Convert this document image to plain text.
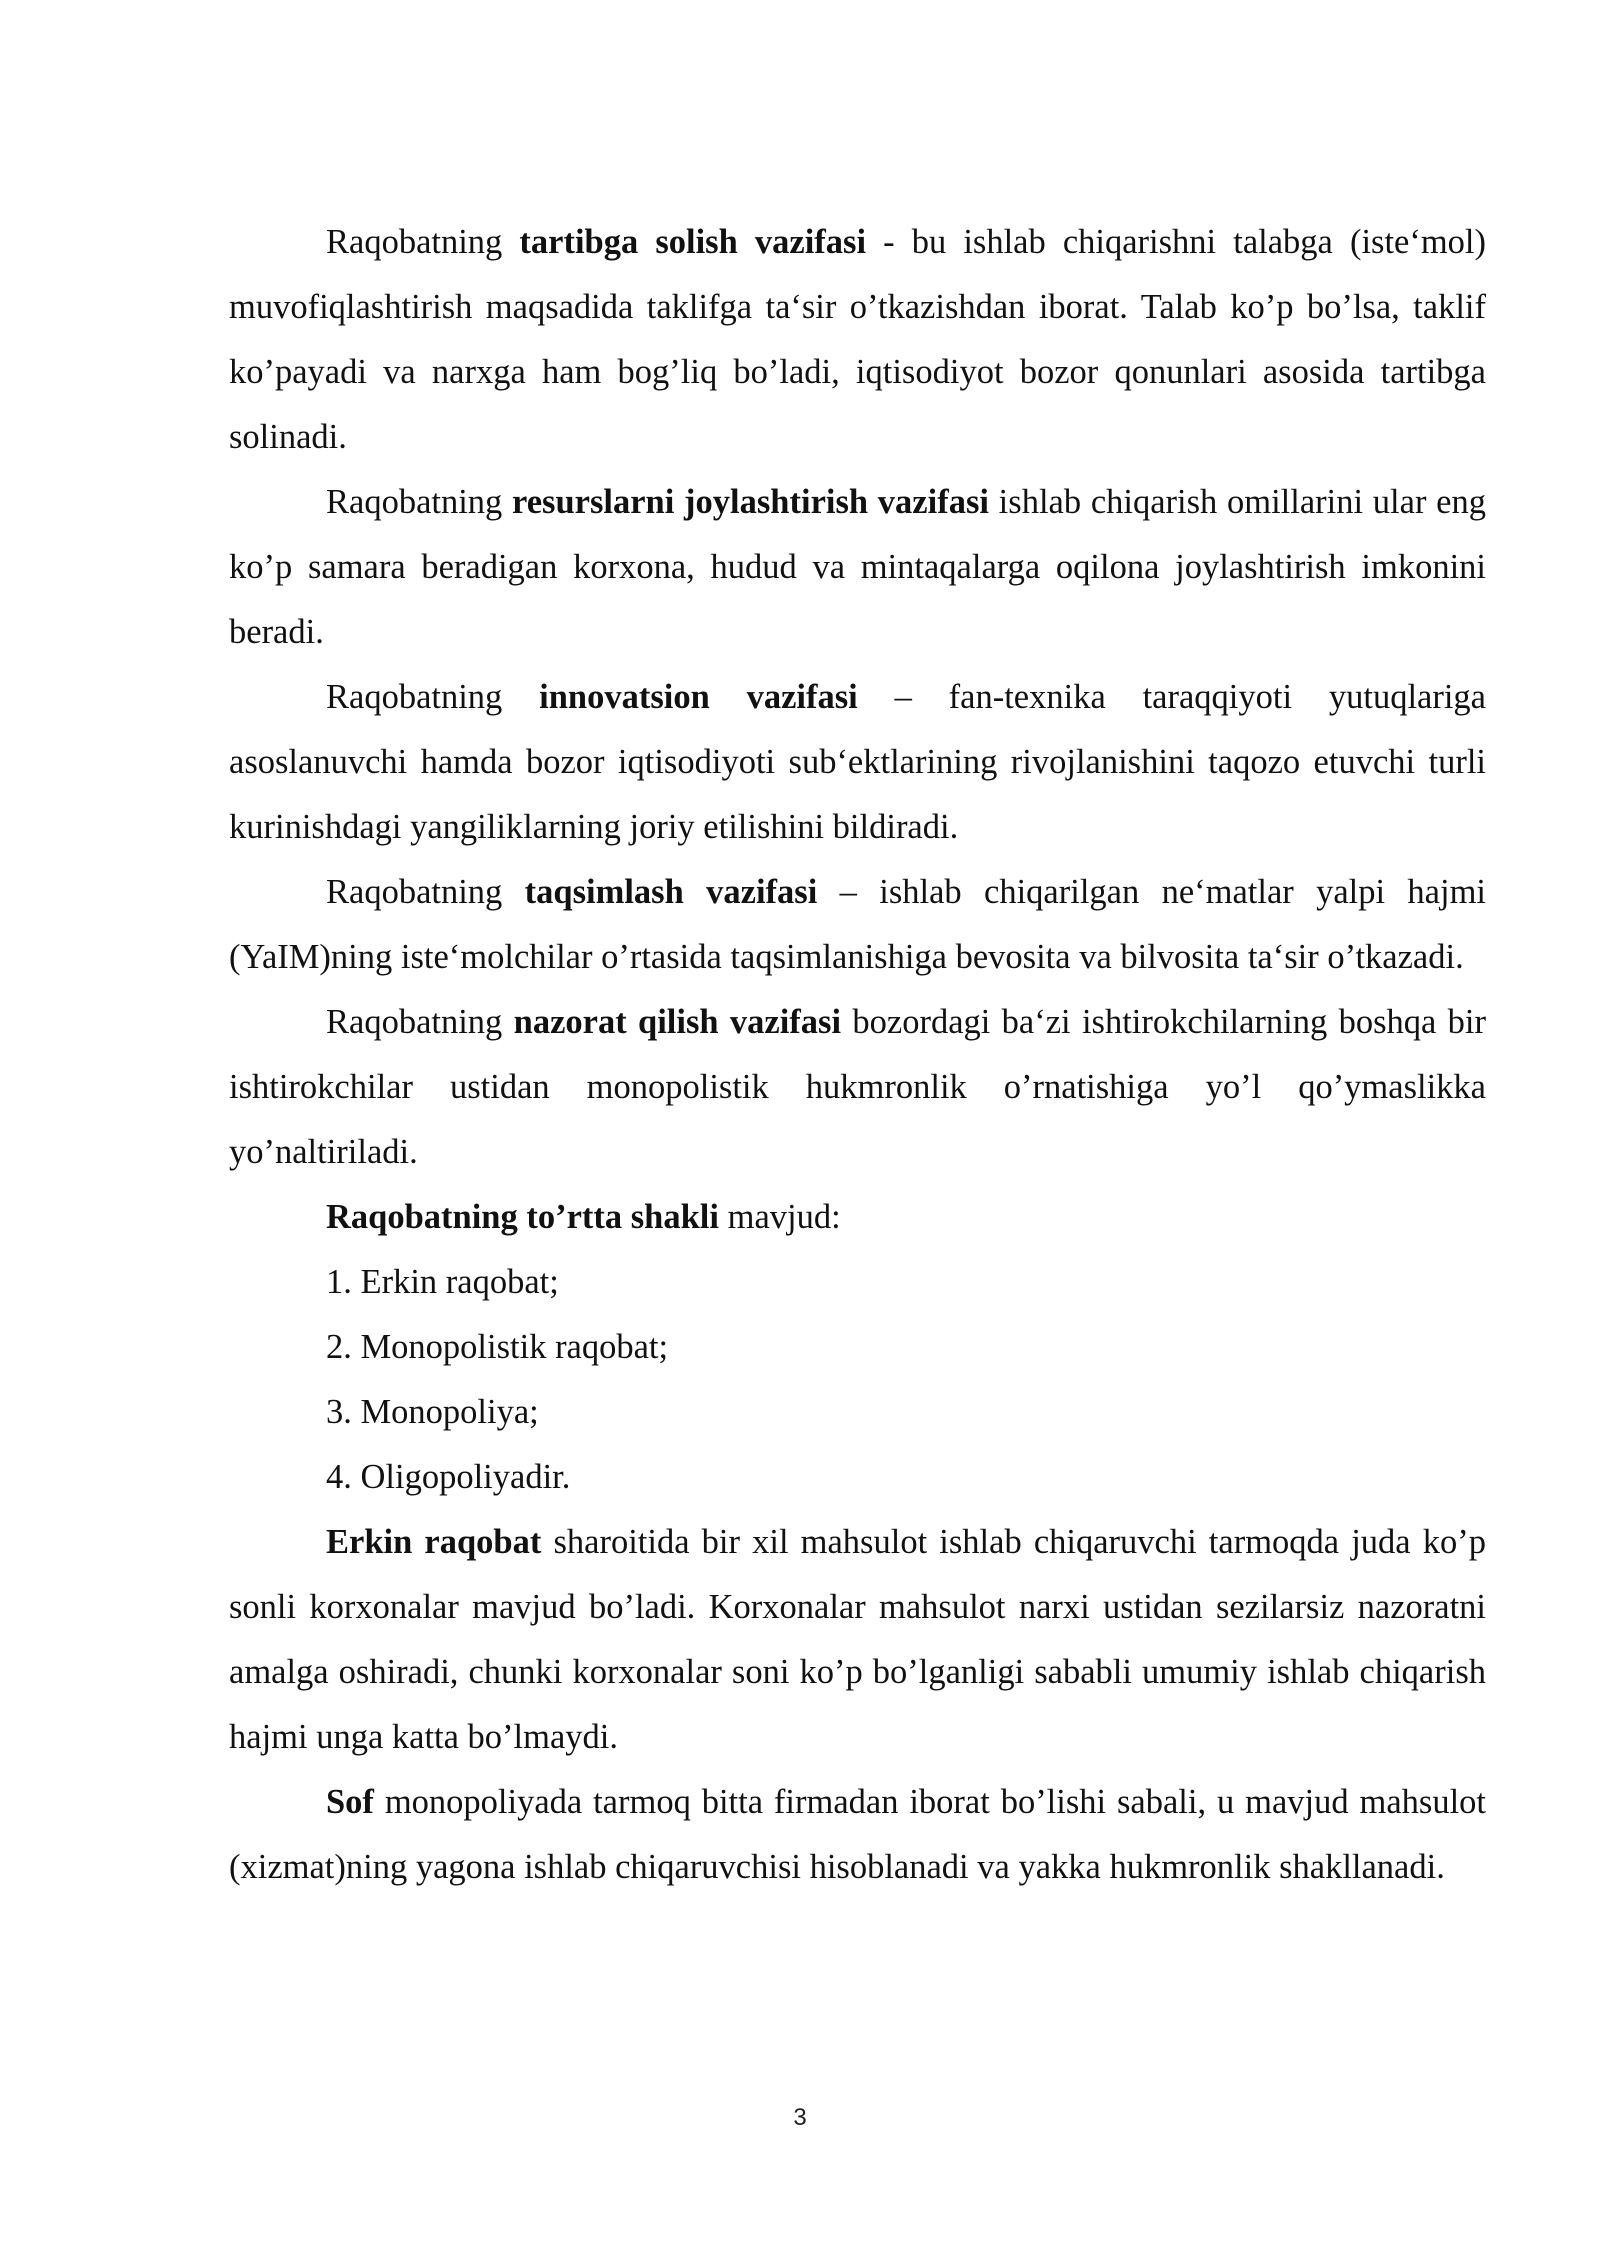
Raqobatning tartibga solish vazifasi - bu ishlab chiqarishni talabga (iste‘mol) muvofiqlashtirish maqsadida taklifga ta‘sir o’tkazishdan iborat. Talab ko’p bo’lsa, taklif ko’payadi va narxga ham bog’liq bo’ladi, iqtisodiyot bozor qonunlari asosida tartibga solinadi.

Raqobatning resurslarni joylashtirish vazifasi ishlab chiqarish omillarini ular eng ko’p samara beradigan korxona, hudud va mintaqalarga oqilona joylashtirish imkonini beradi.

Raqobatning innovatsion vazifasi – fan-texnika taraqqiyoti yutuqlariga asoslanuvchi hamda bozor iqtisodiyoti sub‘ektlarining rivojlanishini taqozo etuvchi turli kurinishdagi yangiliklarning joriy etilishini bildiradi.

Raqobatning taqsimlash vazifasi – ishlab chiqarilgan ne‘matlar yalpi hajmi (YaIM)ning iste‘molchilar o’rtasida taqsimlanishiga bevosita va bilvosita ta‘sir o’tkazadi.

Raqobatning nazorat qilish vazifasi bozordagi ba‘zi ishtirokchilarning boshqa bir ishtirokchilar ustidan monopolistik hukmronlik o’rnatishiga yo’l qo’ymaslikka yo’naltiriladi.

Raqobatning to’rtta shakli mavjud:

1. Erkin raqobat;

2. Monopolistik raqobat;

3. Monopoliya;

4. Oligopoliyadir.

Erkin raqobat sharoitida bir xil mahsulot ishlab chiqaruvchi tarmoqda juda ko’p sonli korxonalar mavjud bo’ladi. Korxonalar mahsulot narxi ustidan sezilarsiz nazoratni amalga oshiradi, chunki korxonalar soni ko’p bo’lganligi sababli umumiy ishlab chiqarish hajmi unga katta bo’lmaydi.

Sof monopoliyada tarmoq bitta firmadan iborat bo’lishi sabali, u mavjud mahsulot (xizmat)ning yagona ishlab chiqaruvchisi hisoblanadi va yakka hukmronlik shakllanadi.

3
